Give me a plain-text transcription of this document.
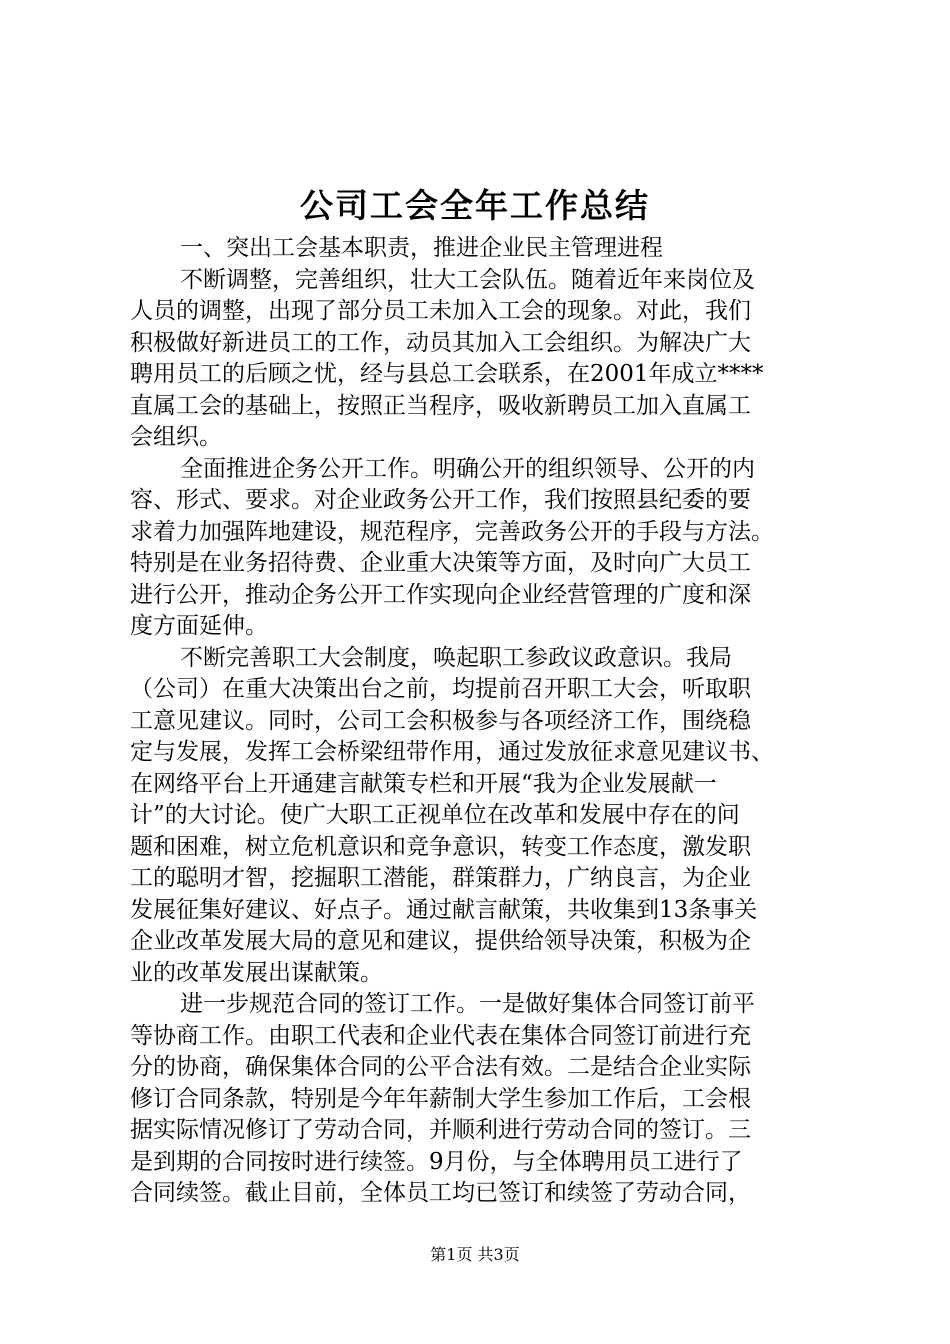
公司工会全年工作总结
一、突出工会基本职责，推进企业民主管理进程
不断调整，完善组织，壮大工会队伍。随着近年来岗位及
人员的调整，出现了部分员工未加入工会的现象。对此，我们
积极做好新进员工的工作，动员其加入工会组织。为解决广大
聘用员工的后顾之忧，经与县总工会联系，在2001年成立****
直属工会的基础上，按照正当程序，吸收新聘员工加入直属工
会组织。
全面推进企务公开工作。明确公开的组织领导、公开的内
容、形式、要求。对企业政务公开工作，我们按照县纪委的要
求着力加强阵地建设，规范程序，完善政务公开的手段与方法。
特别是在业务招待费、企业重大决策等方面，及时向广大员工
进行公开，推动企务公开工作实现向企业经营管理的广度和深
度方面延伸。
不断完善职工大会制度，唤起职工参政议政意识。我局
（公司）在重大决策出台之前，均提前召开职工大会，听取职
工意见建议。同时，公司工会积极参与各项经济工作，围绕稳
定与发展，发挥工会桥梁纽带作用，通过发放征求意见建议书、
在网络平台上开通建言献策专栏和开展“我为企业发展献一
计”的大讨论。使广大职工正视单位在改革和发展中存在的问
题和困难，树立危机意识和竞争意识，转变工作态度，激发职
工的聪明才智，挖掘职工潜能，群策群力，广纳良言，为企业
发展征集好建议、好点子。通过献言献策，共收集到13条事关
企业改革发展大局的意见和建议，提供给领导决策，积极为企
业的改革发展出谋献策。
进一步规范合同的签订工作。一是做好集体合同签订前平
等协商工作。由职工代表和企业代表在集体合同签订前进行充
分的协商，确保集体合同的公平合法有效。二是结合企业实际
修订合同条款，特别是今年年薪制大学生参加工作后，工会根
据实际情况修订了劳动合同，并顺利进行劳动合同的签订。三
是到期的合同按时进行续签。9月份，与全体聘用员工进行了
合同续签。截止目前，全体员工均已签订和续签了劳动合同，
第1页 共3页
